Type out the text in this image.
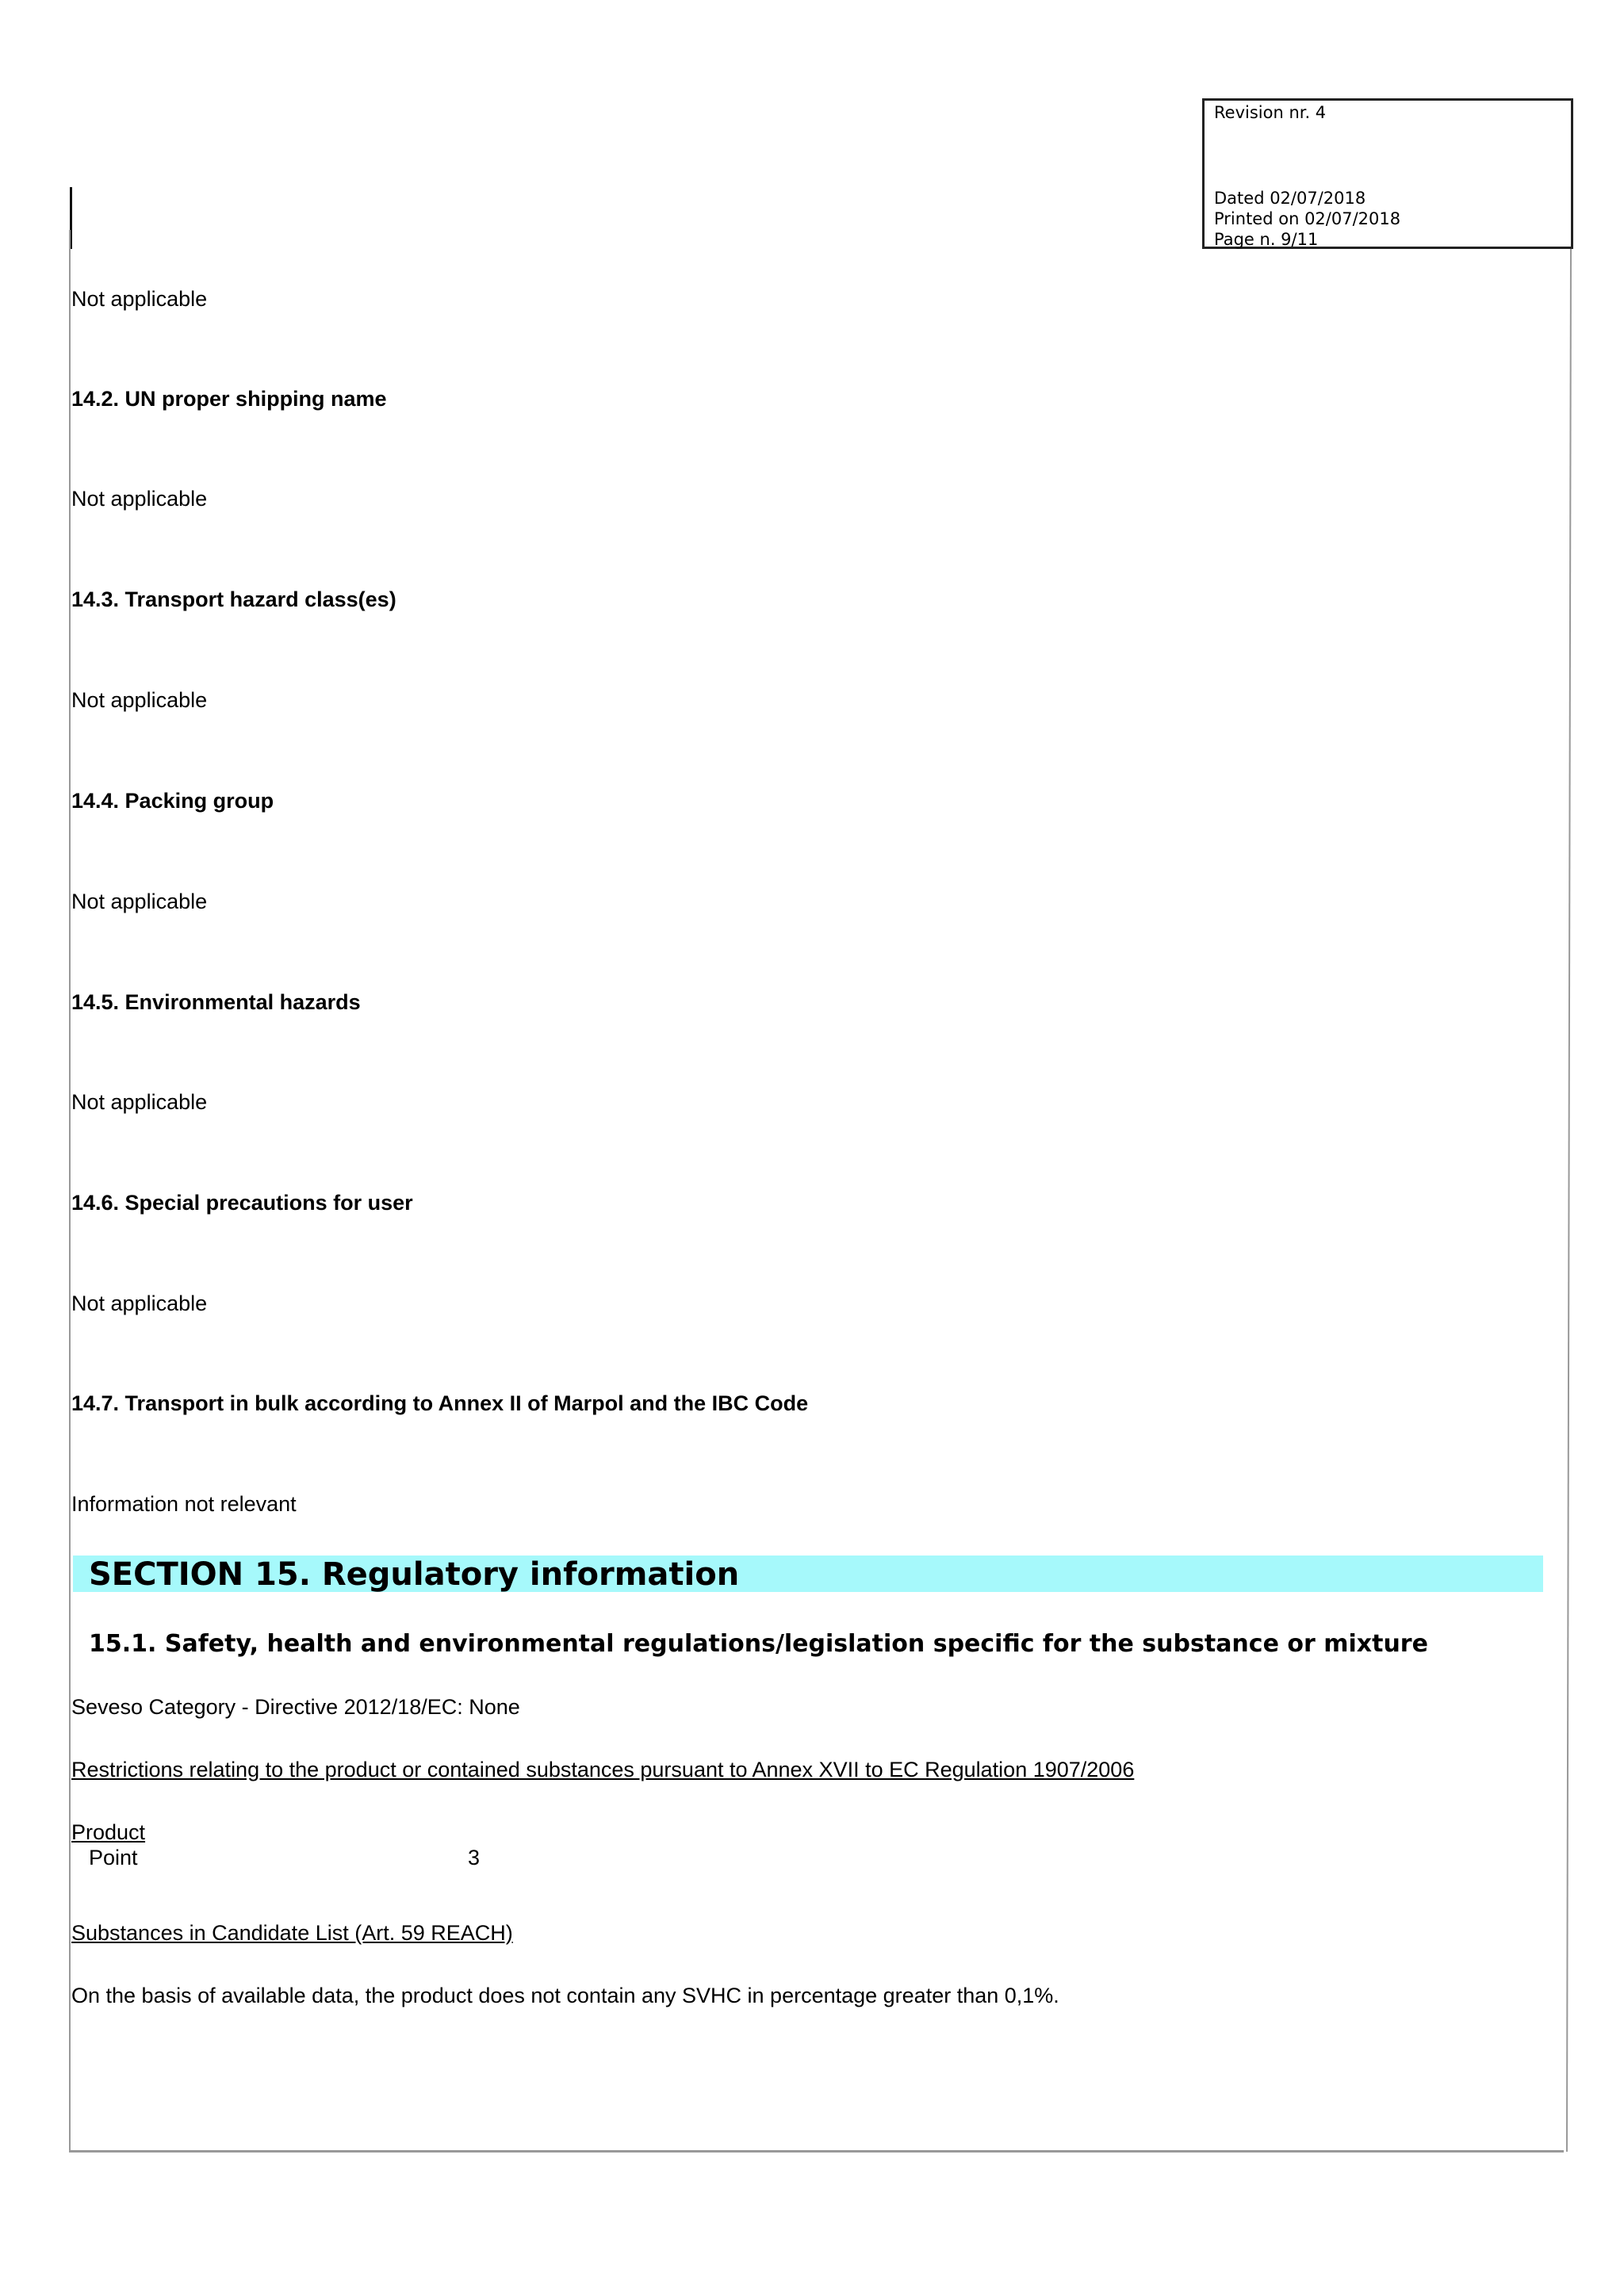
Revision nr. 4
Dated 02/07/2018
Printed on 02/07/2018
Page n. 9/11
Not applicable
14.2. UN proper shipping name
Not applicable
14.3. Transport hazard class(es)
Not applicable
14.4. Packing group
Not applicable
14.5. Environmental hazards
Not applicable
14.6. Special precautions for user
Not applicable
14.7. Transport in bulk according to Annex II of Marpol and the IBC Code
Information not relevant
SECTION 15. Regulatory information
15.1. Safety, health and environmental regulations/legislation specific for the substance or mixture
Seveso Category - Directive 2012/18/EC: None
Restrictions relating to the product or contained substances pursuant to Annex XVII to EC Regulation 1907/2006
Product
Point	3
Substances in Candidate List (Art. 59 REACH)
On the basis of available data, the product does not contain any SVHC in percentage greater than 0,1%.
